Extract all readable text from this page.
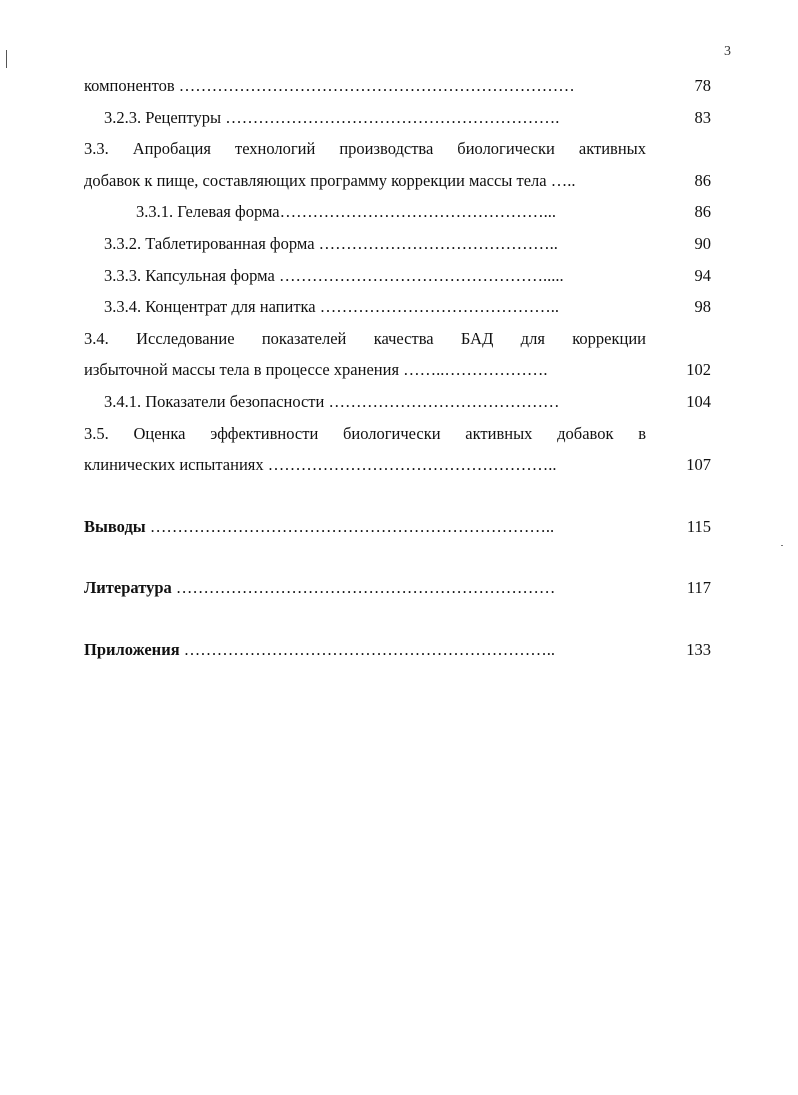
3
компонентов ………………………………………………………………	78
3.2.3. Рецептуры …………………………………………………….	83
3.3. Апробация технологий производства биологически активных
добавок к пище, составляющих программу коррекции массы тела …..	86
3.3.1. Гелевая форма…………………………………………...	86
3.3.2. Таблетированная форма ……………………………………..	90
3.3.3. Капсульная форма ………………………………………….....	94
3.3.4. Концентрат для напитка ……………………………………..	98
3.4. Исследование показателей качества БАД для коррекции
избыточной массы тела в процессе хранения ……..……………….	102
3.4.1. Показатели безопасности ……………………………………	104
3.5. Оценка эффективности биологически активных добавок в
клинических испытаниях ……………………………………………..	107
Выводы ………………………………………………………………..	115
Литература ……………………………………………………………	117
Приложения …………………………………………………………..	133
